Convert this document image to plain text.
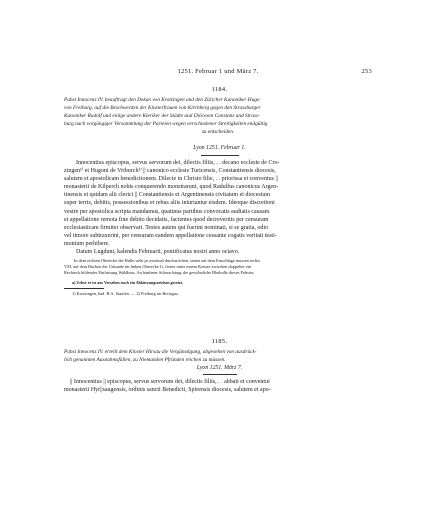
1251. Februar 1 und März 7.	253
1184.
Pabst Innocenz IV. beauftragt den Dekan von Krotzingen und den Züricher Kanoniker Hugo
von Freiburg, auf die Beschwerden der Klosterfrauen von Kirchberg gegen den Strassburger
Kanoniker Rudolf und einige andere Kleriker der Städte und Diöcesen Constanz und Strass-
burg nach vorgängiger Versammlung der Parteien wegen verschiedener Streitigkeiten endgültig
zu entscheiden.
Lyon 1251. Februar 1.

Innocentius episcopus, servus servorum dei, dilectis filiis, . . decano ecclesie de Cro-

zingen¹⁾ et Hugoni de Vriburch²⁾ || canonico ecclesie Turicensis, Constantiensis diocesis,

salutem et apostolicam benedictionem. Dilecte in Christo filie, . . priorissa et conventus ||

monasterii de Kilperch nobis conquerendo monstrarunt, quod Radulfus canonicus Argen-

tinensis et quidam alii clerici || Constantiensis et Argentinensis civitatum et diocesium

super terris, debitis, possessionibus et rebus aliis iniuriantur eisdem. Ideoque discretioni

vestre per apostolica scripta mandamus, quatinus partibus convocatis audiatis causam

et appellatione remota fine debito decidatis, facientes quod decreveritis per censuram

ecclesiasticam firmiter observari. Testes autem qui fuerint nominati, si se gratia, odio

vel timore subtraxerint, per censuram eandem appellatione cessante cogatis veritati testi-

monium perhibere.

Datum Lugduni, kalendis Februarii, pontificatus nostri anno octavo.

In dem rechten Oberecke der Bulle steht pr zweimal durchstrichen, unten auf dem Einschlage mussen rechts

VM, auf dem Rücken der Urkunde im linken Oberecke G, ferner unter einem Kreuze zwischen doppelter ein

Rechteck bildender Einfassung Waldbras. An hänfener Schnur hängt die gewöhnliche Bleibulle dieses Pabstes.

a) Ueber ee ist aus Versehen noch ein Abkürzungszeichen gesetzt.
1) Krotzingen, bad. B.A. Staufen. — 2) Freiburg im Breisgau.
1185.
Pabst Innocenz IV. erteilt dem Kloster Hirsau die Vergünstigung, abgesehen von ausdrück-
lich genannten Ausnahmsfällen, zu Niemanden Pfründen reichen zu müssen.
Lyon 1251. März 7.

|| Innocentius || episcopus, servus servorum dei, dilectis filiis, . . abbati et conventui

monasterii Hyr||saugensis, ordinis sancti Benedicti, Spirensis diocesis, salutem et apo-
